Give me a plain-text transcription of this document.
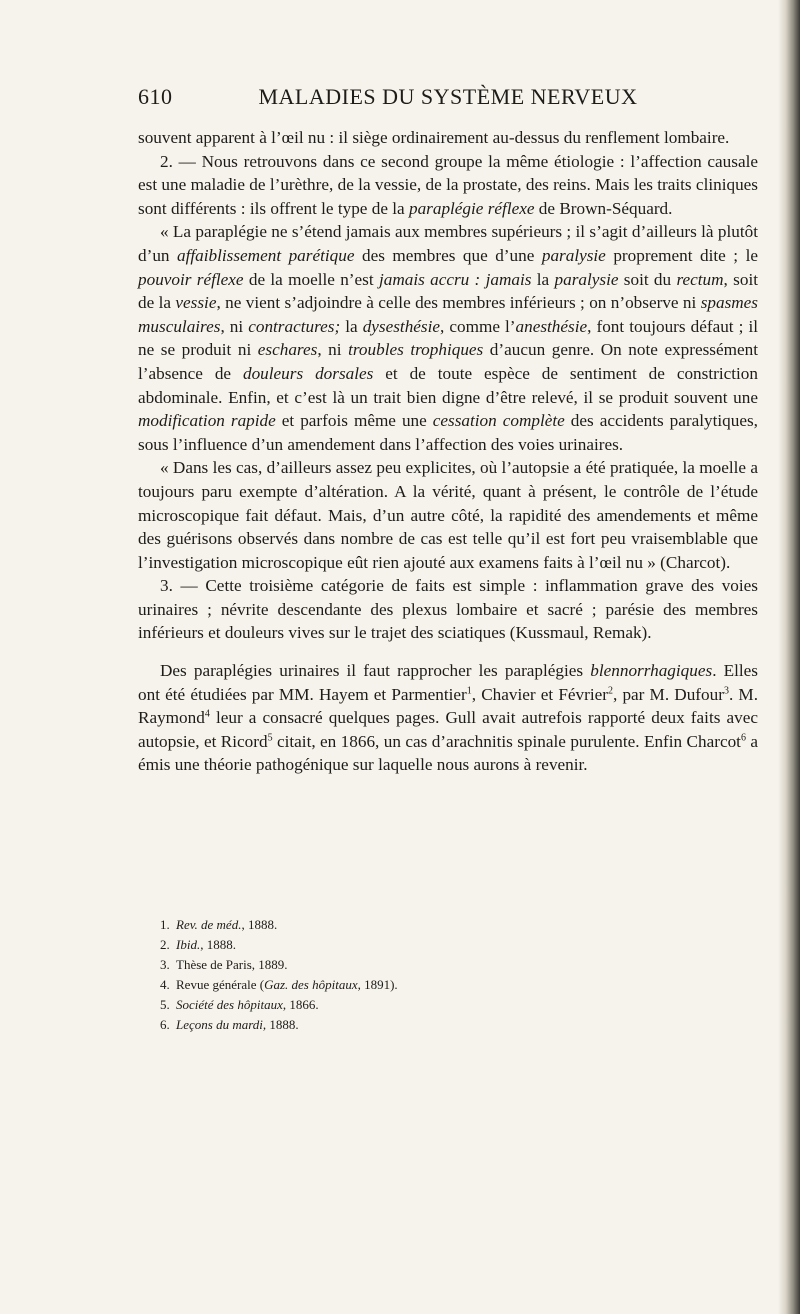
610	MALADIES DU SYSTÈME NERVEUX

souvent apparent à l’œil nu : il siège ordinairement au-dessus du renflement lombaire.

2. — Nous retrouvons dans ce second groupe la même étiologie : l’affection causale est une maladie de l’urèthre, de la vessie, de la prostate, des reins. Mais les traits cliniques sont différents : ils offrent le type de la paraplégie réflexe de Brown-Séquard.

« La paraplégie ne s’étend jamais aux membres supérieurs ; il s’agit d’ailleurs là plutôt d’un affaiblissement parétique des membres que d’une paralysie proprement dite ; le pouvoir réflexe de la moelle n’est jamais accru : jamais la paralysie soit du rectum, soit de la vessie, ne vient s’adjoindre à celle des membres inférieurs ; on n’observe ni spasmes musculaires, ni contractures; la dysesthésie, comme l’anesthésie, font toujours défaut ; il ne se produit ni eschares, ni troubles trophiques d’aucun genre. On note expressément l’absence de douleurs dorsales et de toute espèce de sentiment de constriction abdominale. Enfin, et c’est là un trait bien digne d’être relevé, il se produit souvent une modification rapide et parfois même une cessation complète des accidents paralytiques, sous l’influence d’un amendement dans l’affection des voies urinaires.

« Dans les cas, d’ailleurs assez peu explicites, où l’autopsie a été pratiquée, la moelle a toujours paru exempte d’altération. A la vérité, quant à présent, le contrôle de l’étude microscopique fait défaut. Mais, d’un autre côté, la rapidité des amendements et même des guérisons observés dans nombre de cas est telle qu’il est fort peu vraisemblable que l’investigation microscopique eût rien ajouté aux examens faits à l’œil nu » (Charcot).

3. — Cette troisième catégorie de faits est simple : inflammation grave des voies urinaires ; névrite descendante des plexus lombaire et sacré ; parésie des membres inférieurs et douleurs vives sur le trajet des sciatiques (Kussmaul, Remak).

Des paraplégies urinaires il faut rapprocher les paraplégies blennorrhagiques. Elles ont été étudiées par MM. Hayem et Parmentier$^1$, Chavier et Février$^2$, par M. Dufour$^3$. M. Raymond$^4$ leur a consacré quelques pages. Gull avait autrefois rapporté deux faits avec autopsie, et Ricord$^5$ citait, en 1866, un cas d’arachnitis spinale purulente. Enfin Charcot$^6$ a émis une théorie pathogénique sur laquelle nous aurons à revenir.

1. Rev. de méd., 1888.
2. Ibid., 1888.
3. Thèse de Paris, 1889.
4. Revue générale (Gaz. des hôpitaux, 1891).
5. Société des hôpitaux, 1866.
6. Leçons du mardi, 1888.
